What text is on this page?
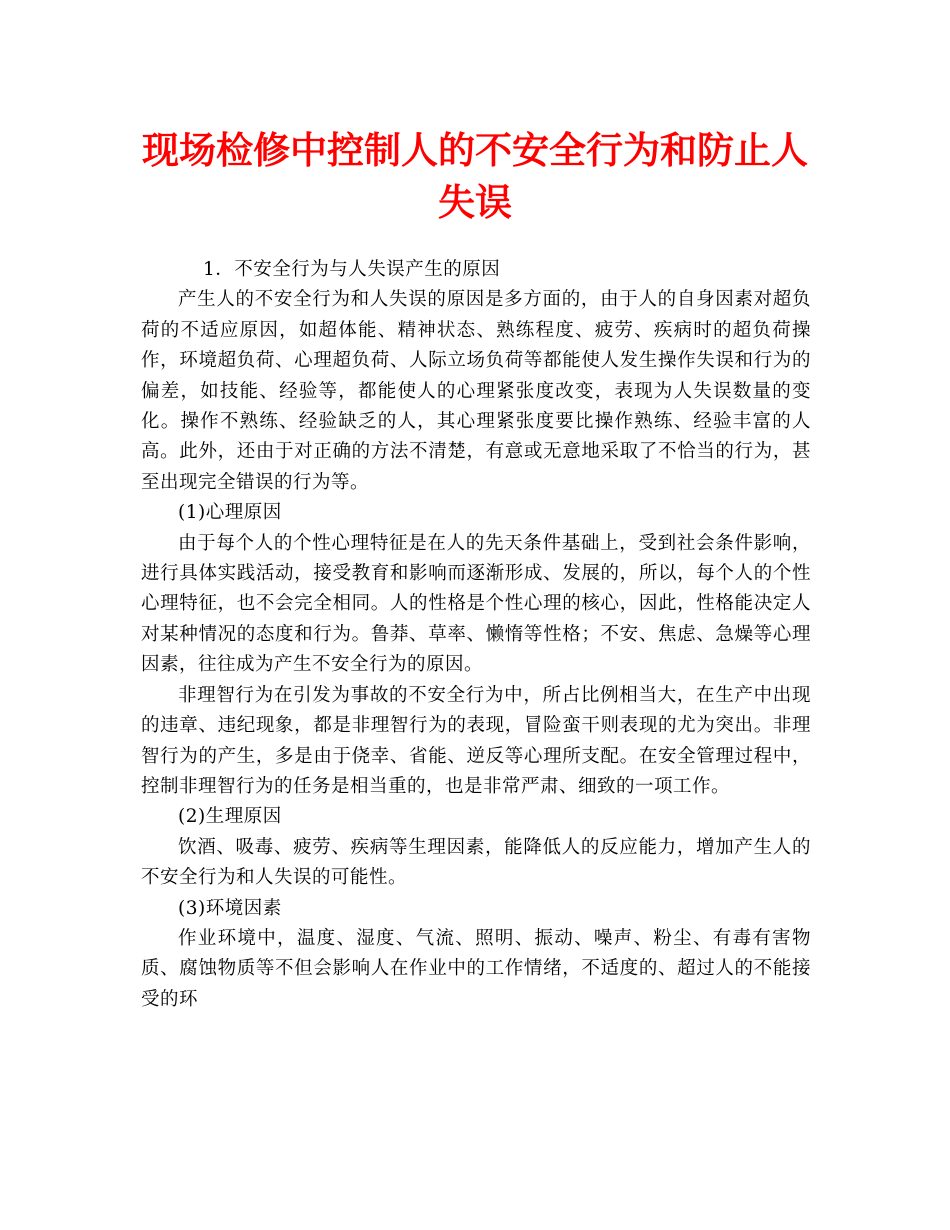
现场检修中控制人的不安全行为和防止人失误

1．不安全行为与人失误产生的原因

产生人的不安全行为和人失误的原因是多方面的，由于人的自身因素对超负荷的不适应原因，如超体能、精神状态、熟练程度、疲劳、疾病时的超负荷操作，环境超负荷、心理超负荷、人际立场负荷等都能使人发生操作失误和行为的偏差，如技能、经验等，都能使人的心理紧张度改变，表现为人失误数量的变化。操作不熟练、经验缺乏的人，其心理紧张度要比操作熟练、经验丰富的人高。此外，还由于对正确的方法不清楚，有意或无意地采取了不恰当的行为，甚至出现完全错误的行为等。

(1)心理原因

由于每个人的个性心理特征是在人的先天条件基础上，受到社会条件影响，进行具体实践活动，接受教育和影响而逐渐形成、发展的，所以，每个人的个性心理特征，也不会完全相同。人的性格是个性心理的核心，因此，性格能决定人对某种情况的态度和行为。鲁莽、草率、懒惰等性格；不安、焦虑、急燥等心理因素，往往成为产生不安全行为的原因。

非理智行为在引发为事故的不安全行为中，所占比例相当大，在生产中出现的违章、违纪现象，都是非理智行为的表现，冒险蛮干则表现的尤为突出。非理智行为的产生，多是由于侥幸、省能、逆反等心理所支配。在安全管理过程中，控制非理智行为的任务是相当重的，也是非常严肃、细致的一项工作。

(2)生理原因

饮酒、吸毒、疲劳、疾病等生理因素，能降低人的反应能力，增加产生人的不安全行为和人失误的可能性。

(3)环境因素

作业环境中，温度、湿度、气流、照明、振动、噪声、粉尘、有毒有害物质、腐蚀物质等不但会影响人在作业中的工作情绪，不适度的、超过人的不能接受的环
